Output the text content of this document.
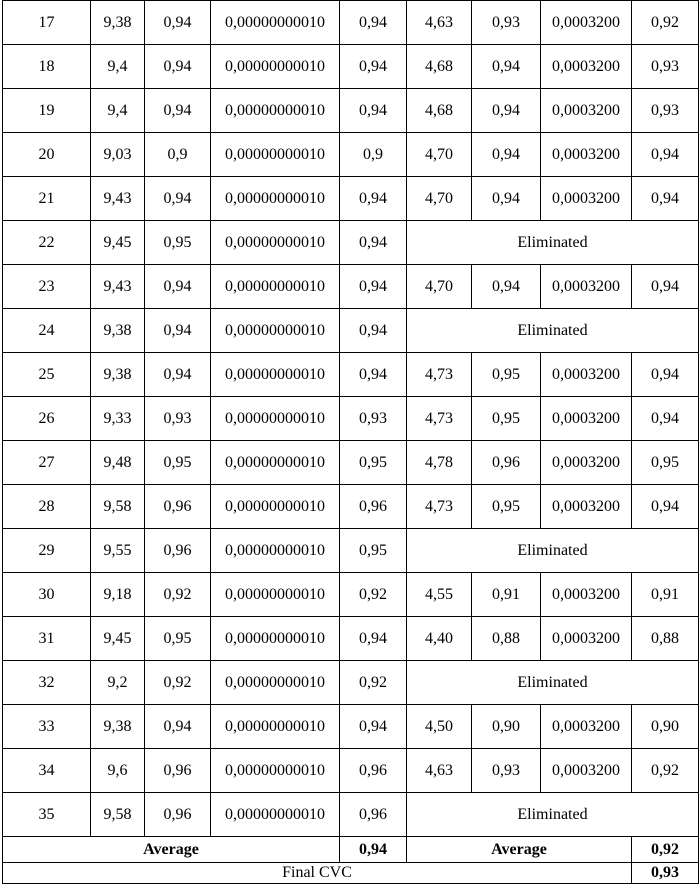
17	9,38	0,94	0,00000000010	0,94	4,63	0,93	0,0003200	0,92
18	9,4	0,94	0,00000000010	0,94	4,68	0,94	0,0003200	0,93
19	9,4	0,94	0,00000000010	0,94	4,68	0,94	0,0003200	0,93
20	9,03	0,9	0,00000000010	0,9	4,70	0,94	0,0003200	0,94
21	9,43	0,94	0,00000000010	0,94	4,70	0,94	0,0003200	0,94
22	9,45	0,95	0,00000000010	0,94	Eliminated			
23	9,43	0,94	0,00000000010	0,94	4,70	0,94	0,0003200	0,94
24	9,38	0,94	0,00000000010	0,94	Eliminated			
25	9,38	0,94	0,00000000010	0,94	4,73	0,95	0,0003200	0,94
26	9,33	0,93	0,00000000010	0,93	4,73	0,95	0,0003200	0,94
27	9,48	0,95	0,00000000010	0,95	4,78	0,96	0,0003200	0,95
28	9,58	0,96	0,00000000010	0,96	4,73	0,95	0,0003200	0,94
29	9,55	0,96	0,00000000010	0,95	Eliminated			
30	9,18	0,92	0,00000000010	0,92	4,55	0,91	0,0003200	0,91
31	9,45	0,95	0,00000000010	0,94	4,40	0,88	0,0003200	0,88
32	9,2	0,92	0,00000000010	0,92	Eliminated			
33	9,38	0,94	0,00000000010	0,94	4,50	0,90	0,0003200	0,90
34	9,6	0,96	0,00000000010	0,96	4,63	0,93	0,0003200	0,92
35	9,58	0,96	0,00000000010	0,96	Eliminated			
Average				0,94	Average			0,92
Final CVC								0,93
